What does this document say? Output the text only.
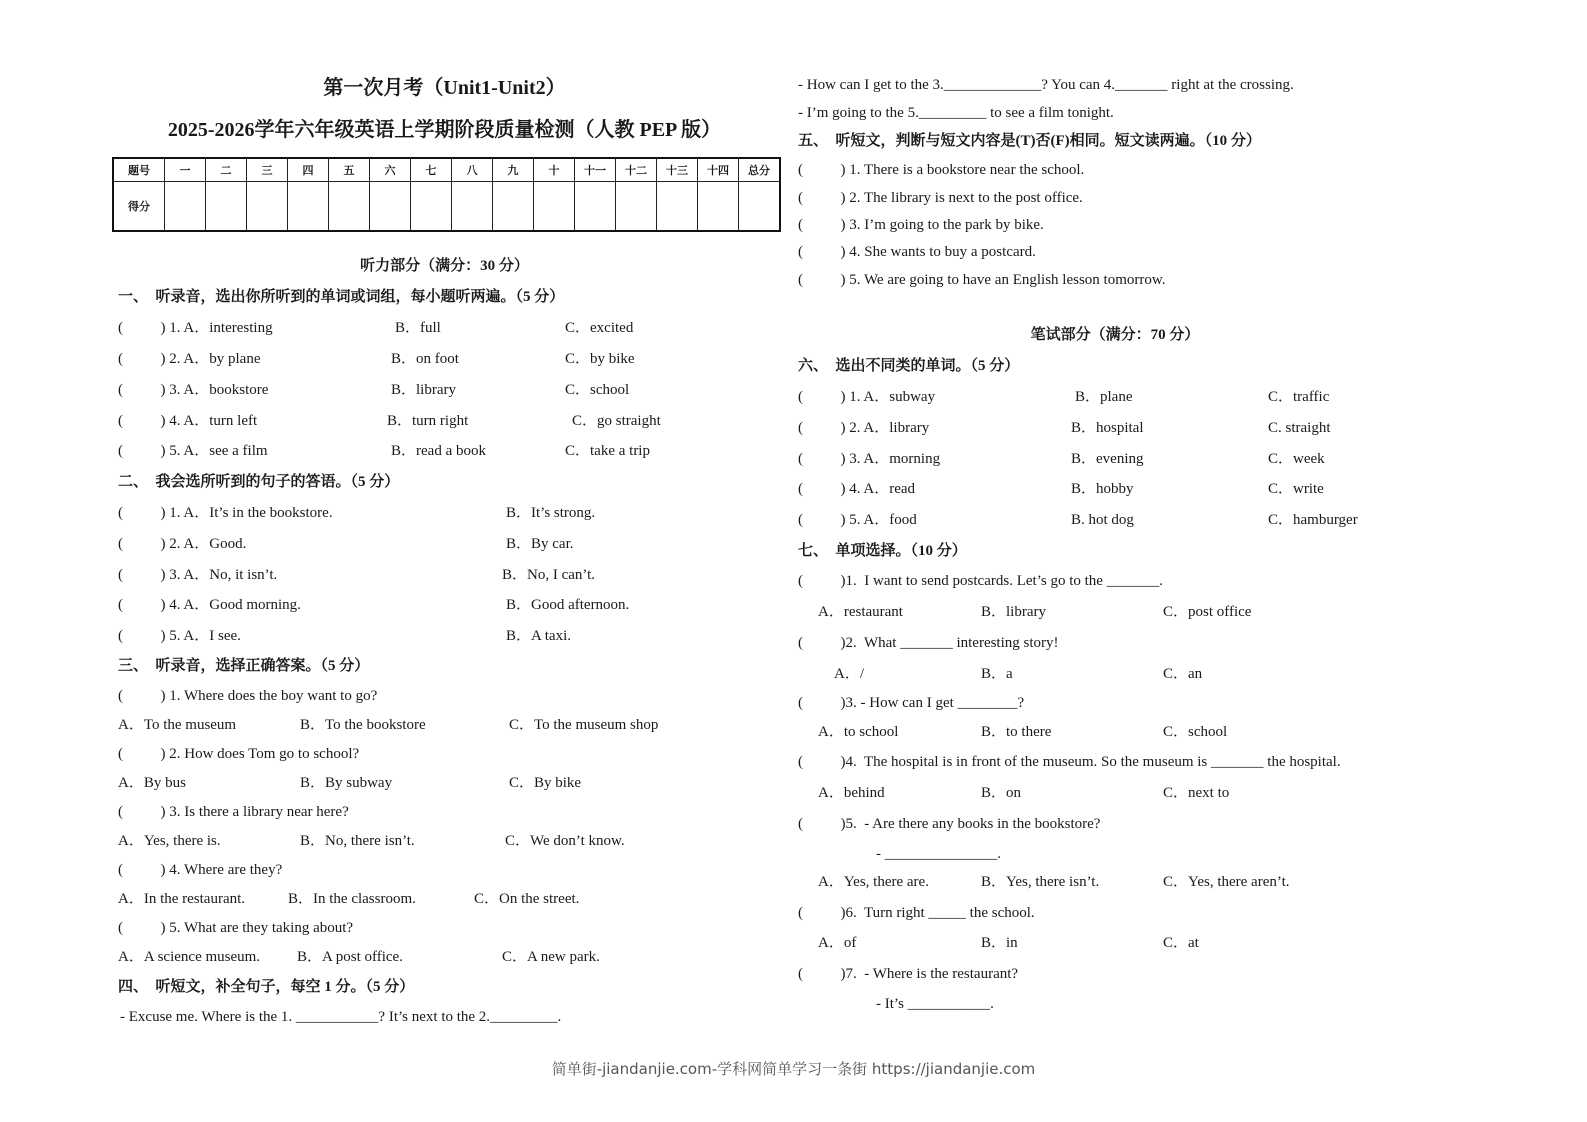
第一次月考（Unit1-Unit2）
2025-2026学年六年级英语上学期阶段质量检测（人教 PEP 版）
题号	一	二	三	四	五	六	七	八	九	十	十一	十二	十三	十四	总分
得分															
听力部分（满分：30 分）
一、  听录音，选出你所听到的单词或词组，每小题听两遍。（5 分）
(          ) 1. A．interesting	B．full	C．excited
(          ) 2. A．by plane	B．on foot	C．by bike
(          ) 3. A．bookstore	B．library	C．school
(          ) 4. A．turn left	B．turn right	C．go straight
(          ) 5. A．see a film	B．read a book	C．take a trip
二、  我会选所听到的句子的答语。（5 分）
(          ) 1. A．It’s in the bookstore.	B．It’s strong.
(          ) 2. A．Good.	B．By car.
(          ) 3. A．No, it isn’t.	B．No, I can’t.
(          ) 4. A．Good morning.	B．Good afternoon.
(          ) 5. A．I see.	B．A taxi.
三、  听录音，选择正确答案。（5 分）
(          ) 1. Where does the boy want to go?
A．To the museum	B．To the bookstore	C．To the museum shop
(          ) 2. How does Tom go to school?
A．By bus	B．By subway	C．By bike
(          ) 3. Is there a library near here?
A．Yes, there is.	B．No, there isn’t.	C．We don’t know.
(          ) 4. Where are they?
A．In the restaurant.	B．In the classroom.	C．On the street.
(          ) 5. What are they taking about?
A．A science museum. B．A post office.	C．A new park.
四、  听短文，补全句子，每空 1 分。（5 分）
- Excuse me. Where is the 1. ___________? It’s next to the 2._________.
- How can I get to the 3._____________? You can 4._______ right at the crossing.
- I’m going to the 5._________ to see a film tonight.
五、  听短文，判断与短文内容是(T)否(F)相同。短文读两遍。（10 分）
(          ) 1. There is a bookstore near the school.
(          ) 2. The library is next to the post office.
(          ) 3. I’m going to the park by bike.
(          ) 4. She wants to buy a postcard.
(          ) 5. We are going to have an English lesson tomorrow.
笔试部分（满分：70 分）
六、  选出不同类的单词。（5 分）
(          ) 1. A．subway	B．plane	C．traffic
(          ) 2. A．library	B．hospital	C. straight
(          ) 3. A．morning	B．evening	C．week
(          ) 4. A．read	B．hobby	C．write
(          ) 5. A．food	B. hot dog	C．hamburger
七、  单项选择。（10 分）
(          )1.  I want to send postcards. Let’s go to the _______.
A．restaurant	B．library	C．post office
(          )2.  What _______ interesting story!
A．/	B．a	C．an
(          )3. - How can I get ________?
A．to school	B．to there	C．school
(          )4.  The hospital is in front of the museum. So the museum is _______ the hospital.
A．behind	B．on	C．next to
(          )5.  - Are there any books in the bookstore?
- _______________.
A．Yes, there are.	B．Yes, there isn’t.	C．Yes, there aren’t.
(          )6.  Turn right _____ the school.
A．of	B．in	C．at
(          )7.  - Where is the restaurant?
- It’s ___________.
简单街-jiandanjie.com-学科网简单学习一条街 https://jiandanjie.com
